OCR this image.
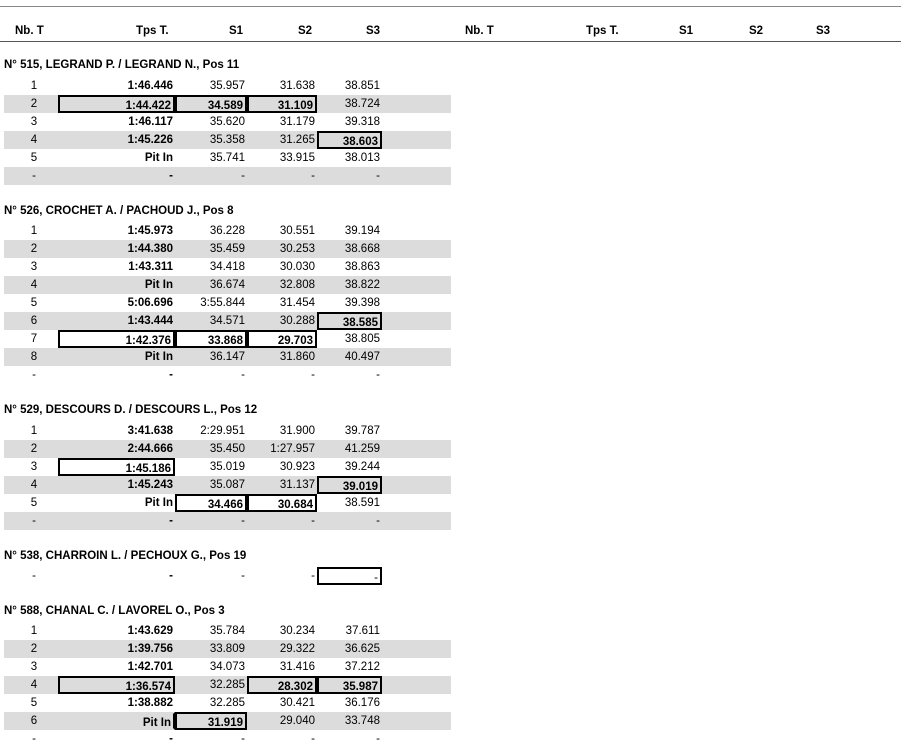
Nb. T	Tps T.	S1	S2	S3	Nb. T	Tps T.	S1	S2	S3
N° 515, LEGRAND P. / LEGRAND N., Pos 11
1	1:46.446	35.957	31.638	38.851
2	1:44.422	34.589	31.109	38.724
3	1:46.117	35.620	31.179	39.318
4	1:45.226	35.358	31.265	38.603
5	Pit In	35.741	33.915	38.013
-	-	-	-	-
N° 526, CROCHET A. / PACHOUD J., Pos 8
1	1:45.973	36.228	30.551	39.194
2	1:44.380	35.459	30.253	38.668
3	1:43.311	34.418	30.030	38.863
4	Pit In	36.674	32.808	38.822
5	5:06.696	3:55.844	31.454	39.398
6	1:43.444	34.571	30.288	38.585
7	1:42.376	33.868	29.703	38.805
8	Pit In	36.147	31.860	40.497
-	-	-	-	-
N° 529, DESCOURS D. / DESCOURS L., Pos 12
1	3:41.638	2:29.951	31.900	39.787
2	2:44.666	35.450	1:27.957	41.259
3	1:45.186	35.019	30.923	39.244
4	1:45.243	35.087	31.137	39.019
5	Pit In	34.466	30.684	38.591
-	-	-	-	-
N° 538, CHARROIN L. / PECHOUX G., Pos 19
-	-	-	-	-
N° 588, CHANAL C. / LAVOREL O., Pos 3
1	1:43.629	35.784	30.234	37.611
2	1:39.756	33.809	29.322	36.625
3	1:42.701	34.073	31.416	37.212
4	1:36.574	32.285	28.302	35.987
5	1:38.882	32.285	30.421	36.176
6	Pit In	31.919	29.040	33.748
-	-	-	-	-
